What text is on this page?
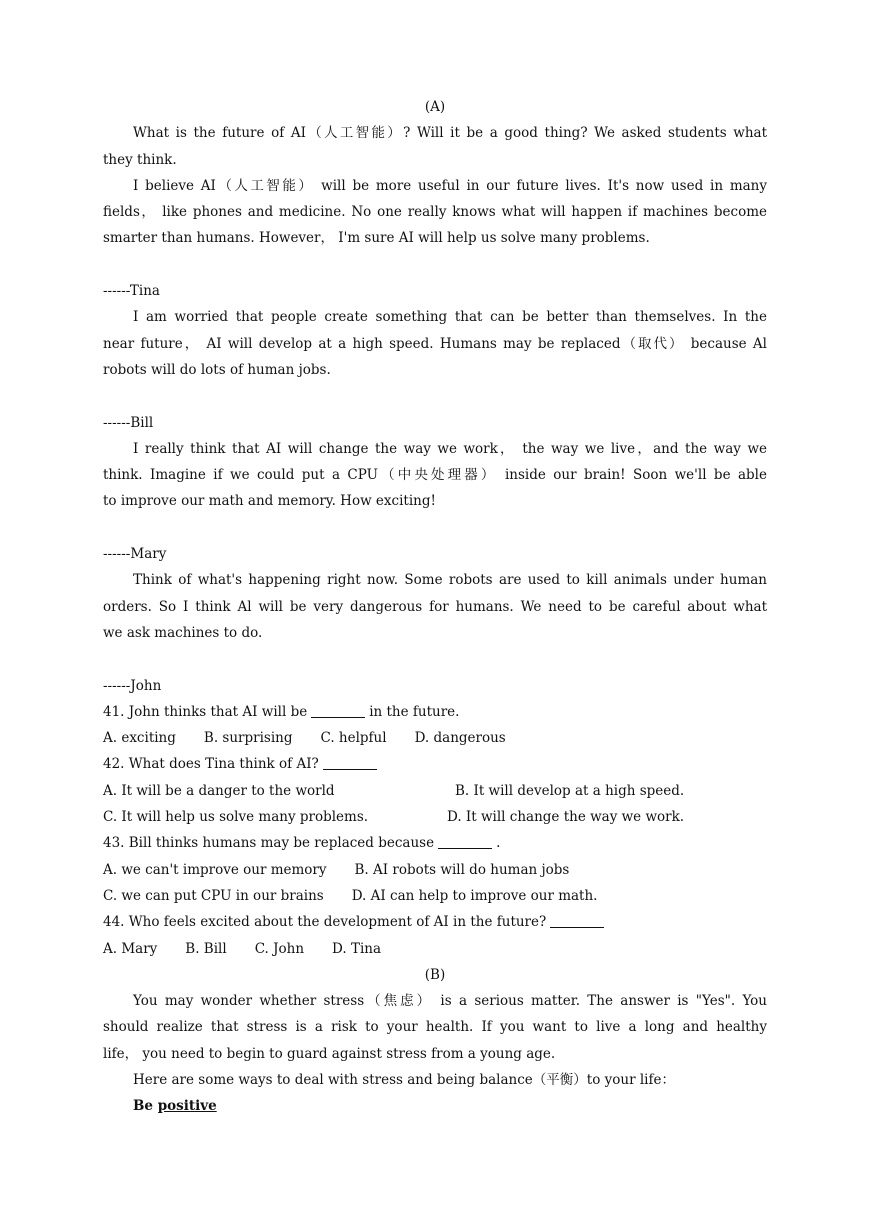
(A)
What is the future of AI（人工智能）? Will it be a good thing? We asked students what
they think.
I believe AI（人工智能） will be more useful in our future lives. It's now used in many
fields， like phones and medicine. No one really knows what will happen if machines become
smarter than humans. However， I'm sure AI will help us solve many problems.
------Tina
I am worried that people create something that can be better than themselves. In the
near future， AI will develop at a high speed. Humans may be replaced（取代） because Al
robots will do lots of human jobs.
------Bill
I really think that AI will change the way we work， the way we live，and the way we
think. Imagine if we could put a CPU（中央处理器） inside our brain! Soon we'll be able
to improve our math and memory. How exciting!
------Mary
Think of what's happening right now. Some robots are used to kill animals under human
orders. So I think Al will be very dangerous for humans. We need to be careful about what
we ask machines to do.
------John
41. John thinks that AI will be	in the future.
A. exciting B. surprising C. helpful D. dangerous
42. What does Tina think of AI?
A. It will be a danger to the world	B. It will develop at a high speed.
C. It will help us solve many problems.	D. It will change the way we work.
43. Bill thinks humans may be replaced because	.
A. we can't improve our memory B. AI robots will do human jobs
C. we can put CPU in our brains D. AI can help to improve our math.
44. Who feels excited about the development of AI in the future?
A. Mary B. Bill C. John D. Tina
(B)
You may wonder whether stress（焦虑） is a serious matter. The answer is "Yes". You
should realize that stress is a risk to your health. If you want to live a long and healthy
life， you need to begin to guard against stress from a young age.
Here are some ways to deal with stress and being balance（平衡）to your life：
Be positive
